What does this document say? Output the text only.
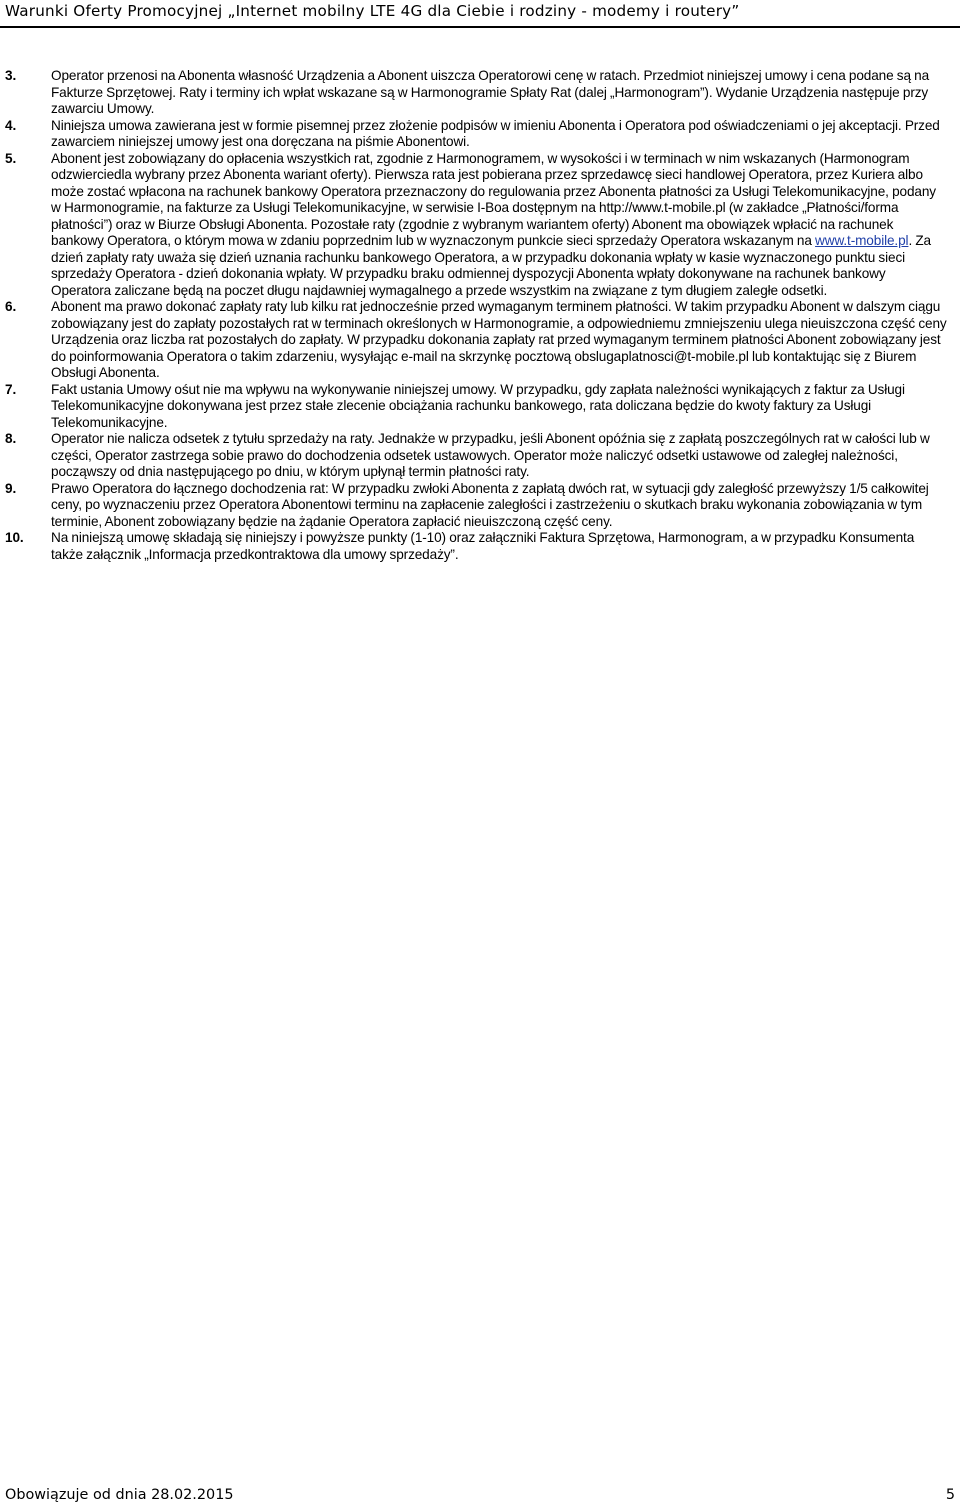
Warunki Oferty Promocyjnej „Internet mobilny LTE 4G dla Ciebie i rodziny - modemy i routery”
3.	Operator przenosi na Abonenta własność Urządzenia a Abonent uiszcza Operatorowi cenę w ratach. Przedmiot niniejszej umowy i cena podane są na Fakturze Sprzętowej. Raty i terminy ich wpłat wskazane są w Harmonogramie Spłaty Rat (dalej „Harmonogram”). Wydanie Urządzenia następuje przy zawarciu Umowy.
4.	Niniejsza umowa zawierana jest w formie pisemnej przez złożenie podpisów w imieniu Abonenta i Operatora pod oświadczeniami o jej akceptacji. Przed zawarciem niniejszej umowy jest ona doręczana na piśmie Abonentowi.
5.	Abonent jest zobowiązany do opłacenia wszystkich rat, zgodnie z Harmonogramem, w wysokości i w terminach w nim wskazanych (Harmonogram odzwierciedla wybrany przez Abonenta wariant oferty). Pierwsza rata jest pobierana przez sprzedawcę sieci handlowej Operatora, przez Kuriera albo może zostać wpłacona na rachunek bankowy Operatora przeznaczony do regulowania przez Abonenta płatności za Usługi Telekomunikacyjne, podany w Harmonogramie, na fakturze za Usługi Telekomunikacyjne, w serwisie I-Boa dostępnym na http://www.t-mobile.pl (w zakładce „Płatności/forma płatności”) oraz w Biurze Obsługi Abonenta. Pozostałe raty (zgodnie z wybranym wariantem oferty) Abonent ma obowiązek wpłacić na rachunek bankowy Operatora, o którym mowa w zdaniu poprzednim lub w wyznaczonym punkcie sieci sprzedaży Operatora wskazanym na www.t-mobile.pl. Za dzień zapłaty raty uważa się dzień uznania rachunku bankowego Operatora, a w przypadku dokonania wpłaty w kasie wyznaczonego punktu sieci sprzedaży Operatora - dzień dokonania wpłaty. W przypadku braku odmiennej dyspozycji Abonenta wpłaty dokonywane na rachunek bankowy Operatora zaliczane będą na poczet długu najdawniej wymagalnego a przede wszystkim na związane z tym długiem zaległe odsetki.
6.	Abonent ma prawo dokonać zapłaty raty lub kilku rat jednocześnie przed wymaganym terminem płatności. W takim przypadku Abonent w dalszym ciągu zobowiązany jest do zapłaty pozostałych rat w terminach określonych w Harmonogramie, a odpowiedniemu zmniejszeniu ulega nieuiszczona część ceny Urządzenia oraz liczba rat pozostałych do zapłaty. W przypadku dokonania zapłaty rat przed wymaganym terminem płatności Abonent zobowiązany jest do poinformowania Operatora o takim zdarzeniu, wysyłając e-mail na skrzynkę pocztową obslugaplatnosci@t-mobile.pl lub kontaktując się z Biurem Obsługi Abonenta.
7.	Fakt ustania Umowy ośut nie ma wpływu na wykonywanie niniejszej umowy. W przypadku, gdy zapłata należności wynikających z faktur za Usługi Telekomunikacyjne dokonywana jest przez stałe zlecenie obciążania rachunku bankowego, rata doliczana będzie do kwoty faktury za Usługi Telekomunikacyjne.
8.	Operator nie nalicza odsetek z tytułu sprzedaży na raty. Jednakże w przypadku, jeśli Abonent opóźnia się z zapłatą poszczególnych rat w całości lub w części, Operator zastrzega sobie prawo do dochodzenia odsetek ustawowych. Operator może naliczyć odsetki ustawowe od zaległej należności, począwszy od dnia następującego po dniu, w którym upłynął termin płatności raty.
9.	Prawo Operatora do łącznego dochodzenia rat: W przypadku zwłoki Abonenta z zapłatą dwóch rat, w sytuacji gdy zaległość przewyższy 1/5 całkowitej ceny, po wyznaczeniu przez Operatora Abonentowi terminu na zapłacenie zaległości i zastrzeżeniu o skutkach braku wykonania zobowiązania w tym terminie, Abonent zobowiązany będzie na żądanie Operatora zapłacić nieuiszczoną część ceny.
10. Na niniejszą umowę składają się niniejszy i powyższe punkty (1-10) oraz załączniki Faktura Sprzętowa, Harmonogram, a w przypadku Konsumenta także załącznik „Informacja przedkontraktowa dla umowy sprzedaży”.
Obowiązuje od dnia 28.02.2015	5
